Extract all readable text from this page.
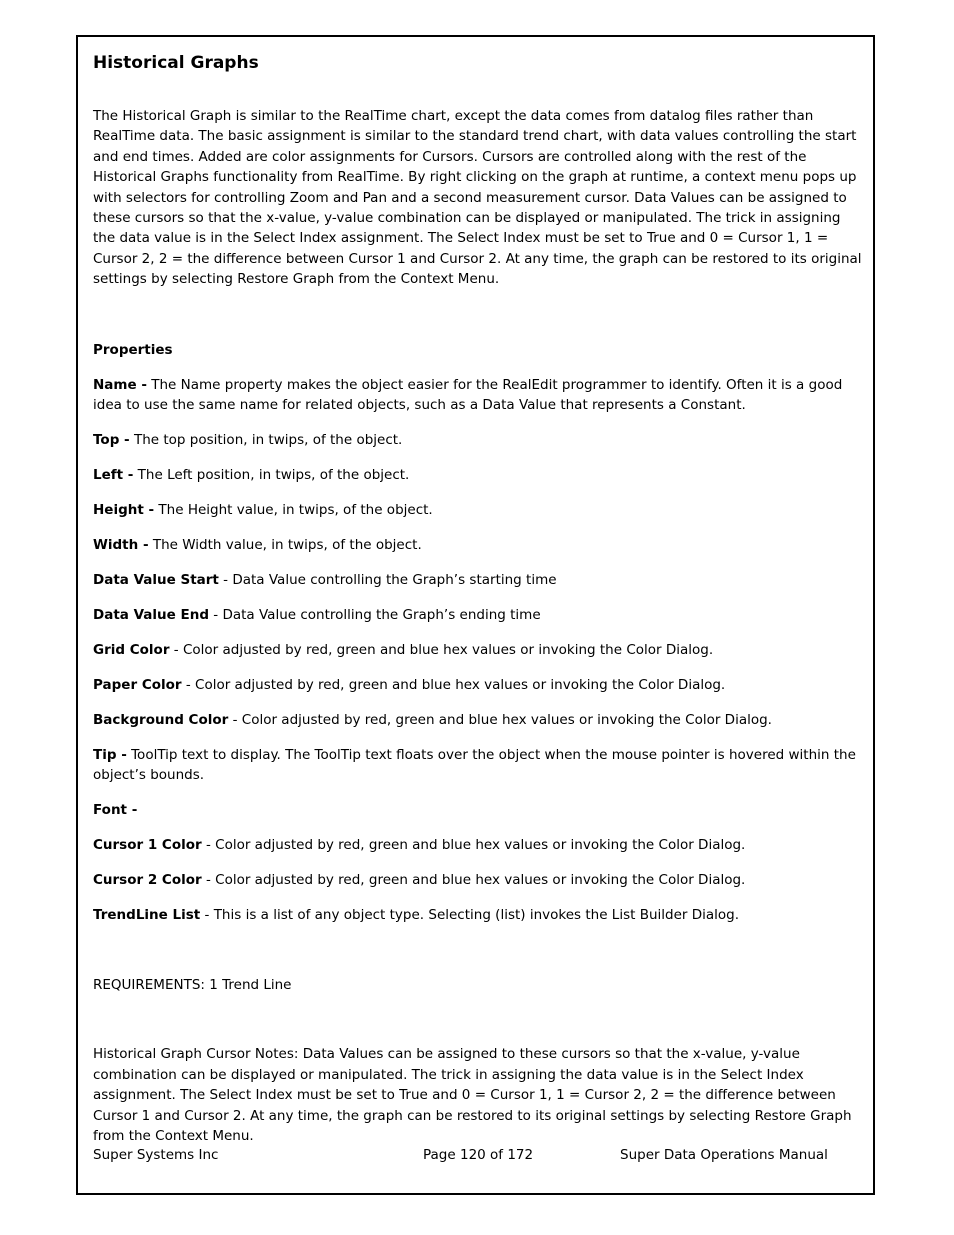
Historical Graphs

The Historical Graph is similar to the RealTime chart, except the data comes from datalog files rather than RealTime data. The basic assignment is similar to the standard trend chart, with data values controlling the start and end times. Added are color assignments for Cursors. Cursors are controlled along with the rest of the Historical Graphs functionality from RealTime. By right clicking on the graph at runtime, a context menu pops up with selectors for controlling Zoom and Pan and a second measurement cursor. Data Values can be assigned to these cursors so that the x-value, y-value combination can be displayed or manipulated. The trick in assigning the data value is in the Select Index assignment. The Select Index must be set to True and 0 = Cursor 1, 1 = Cursor 2, 2 = the difference between Cursor 1 and Cursor 2. At any time, the graph can be restored to its original settings by selecting Restore Graph from the Context Menu.

Properties

Name - The Name property makes the object easier for the RealEdit programmer to identify. Often it is a good idea to use the same name for related objects, such as a Data Value that represents a Constant.

Top - The top position, in twips, of the object.

Left - The Left position, in twips, of the object.

Height - The Height value, in twips, of the object.

Width - The Width value, in twips, of the object.

Data Value Start - Data Value controlling the Graph’s starting time

Data Value End - Data Value controlling the Graph’s ending time

Grid Color - Color adjusted by red, green and blue hex values or invoking the Color Dialog.

Paper Color - Color adjusted by red, green and blue hex values or invoking the Color Dialog.

Background Color - Color adjusted by red, green and blue hex values or invoking the Color Dialog.

Tip - ToolTip text to display. The ToolTip text floats over the object when the mouse pointer is hovered within the object’s bounds.

Font -

Cursor 1 Color - Color adjusted by red, green and blue hex values or invoking the Color Dialog.

Cursor 2 Color - Color adjusted by red, green and blue hex values or invoking the Color Dialog.

TrendLine List - This is a list of any object type. Selecting (list) invokes the List Builder Dialog.

REQUIREMENTS: 1 Trend Line

Historical Graph Cursor Notes: Data Values can be assigned to these cursors so that the x-value, y-value combination can be displayed or manipulated. The trick in assigning the data value is in the Select Index assignment. The Select Index must be set to True and 0 = Cursor 1, 1 = Cursor 2, 2 = the difference between Cursor 1 and Cursor 2. At any time, the graph can be restored to its original settings by selecting Restore Graph from the Context Menu.

Super Systems Inc	Page 120 of 172	Super Data Operations Manual
